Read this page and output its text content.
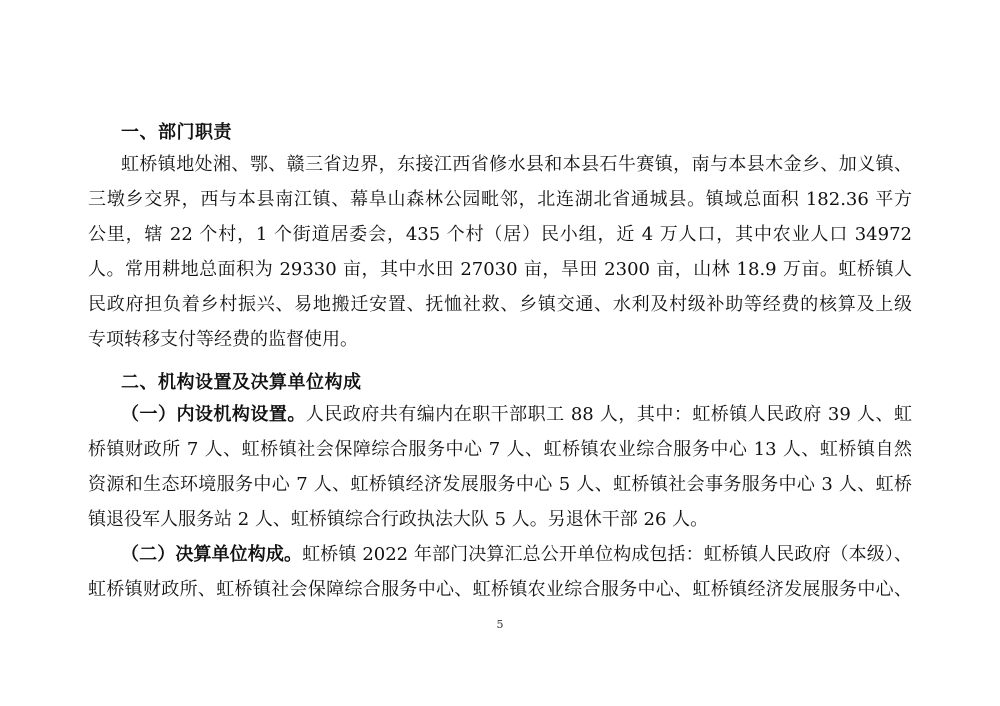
一、部门职责
虹桥镇地处湘、鄂、赣三省边界，东接江西省修水县和本县石牛赛镇，南与本县木金乡、加义镇、
三墩乡交界，西与本县南江镇、幕阜山森林公园毗邻，北连湖北省通城县。镇域总面积 182.36 平方
公里，辖 22 个村，1 个街道居委会，435 个村（居）民小组，近 4 万人口，其中农业人口 34972
人。常用耕地总面积为 29330 亩，其中水田 27030 亩，旱田 2300 亩，山林 18.9 万亩。虹桥镇人
民政府担负着乡村振兴、易地搬迁安置、抚恤社救、乡镇交通、水利及村级补助等经费的核算及上级
专项转移支付等经费的监督使用。
二、机构设置及决算单位构成
（一）内设机构设置。人民政府共有编内在职干部职工 88 人，其中：虹桥镇人民政府 39 人、虹
桥镇财政所 7 人、虹桥镇社会保障综合服务中心 7 人、虹桥镇农业综合服务中心 13 人、虹桥镇自然
资源和生态环境服务中心 7 人、虹桥镇经济发展服务中心 5 人、虹桥镇社会事务服务中心 3 人、虹桥
镇退役军人服务站 2 人、虹桥镇综合行政执法大队 5 人。另退休干部 26 人。
（二）决算单位构成。虹桥镇 2022 年部门决算汇总公开单位构成包括：虹桥镇人民政府（本级）、
虹桥镇财政所、虹桥镇社会保障综合服务中心、虹桥镇农业综合服务中心、虹桥镇经济发展服务中心、
5
